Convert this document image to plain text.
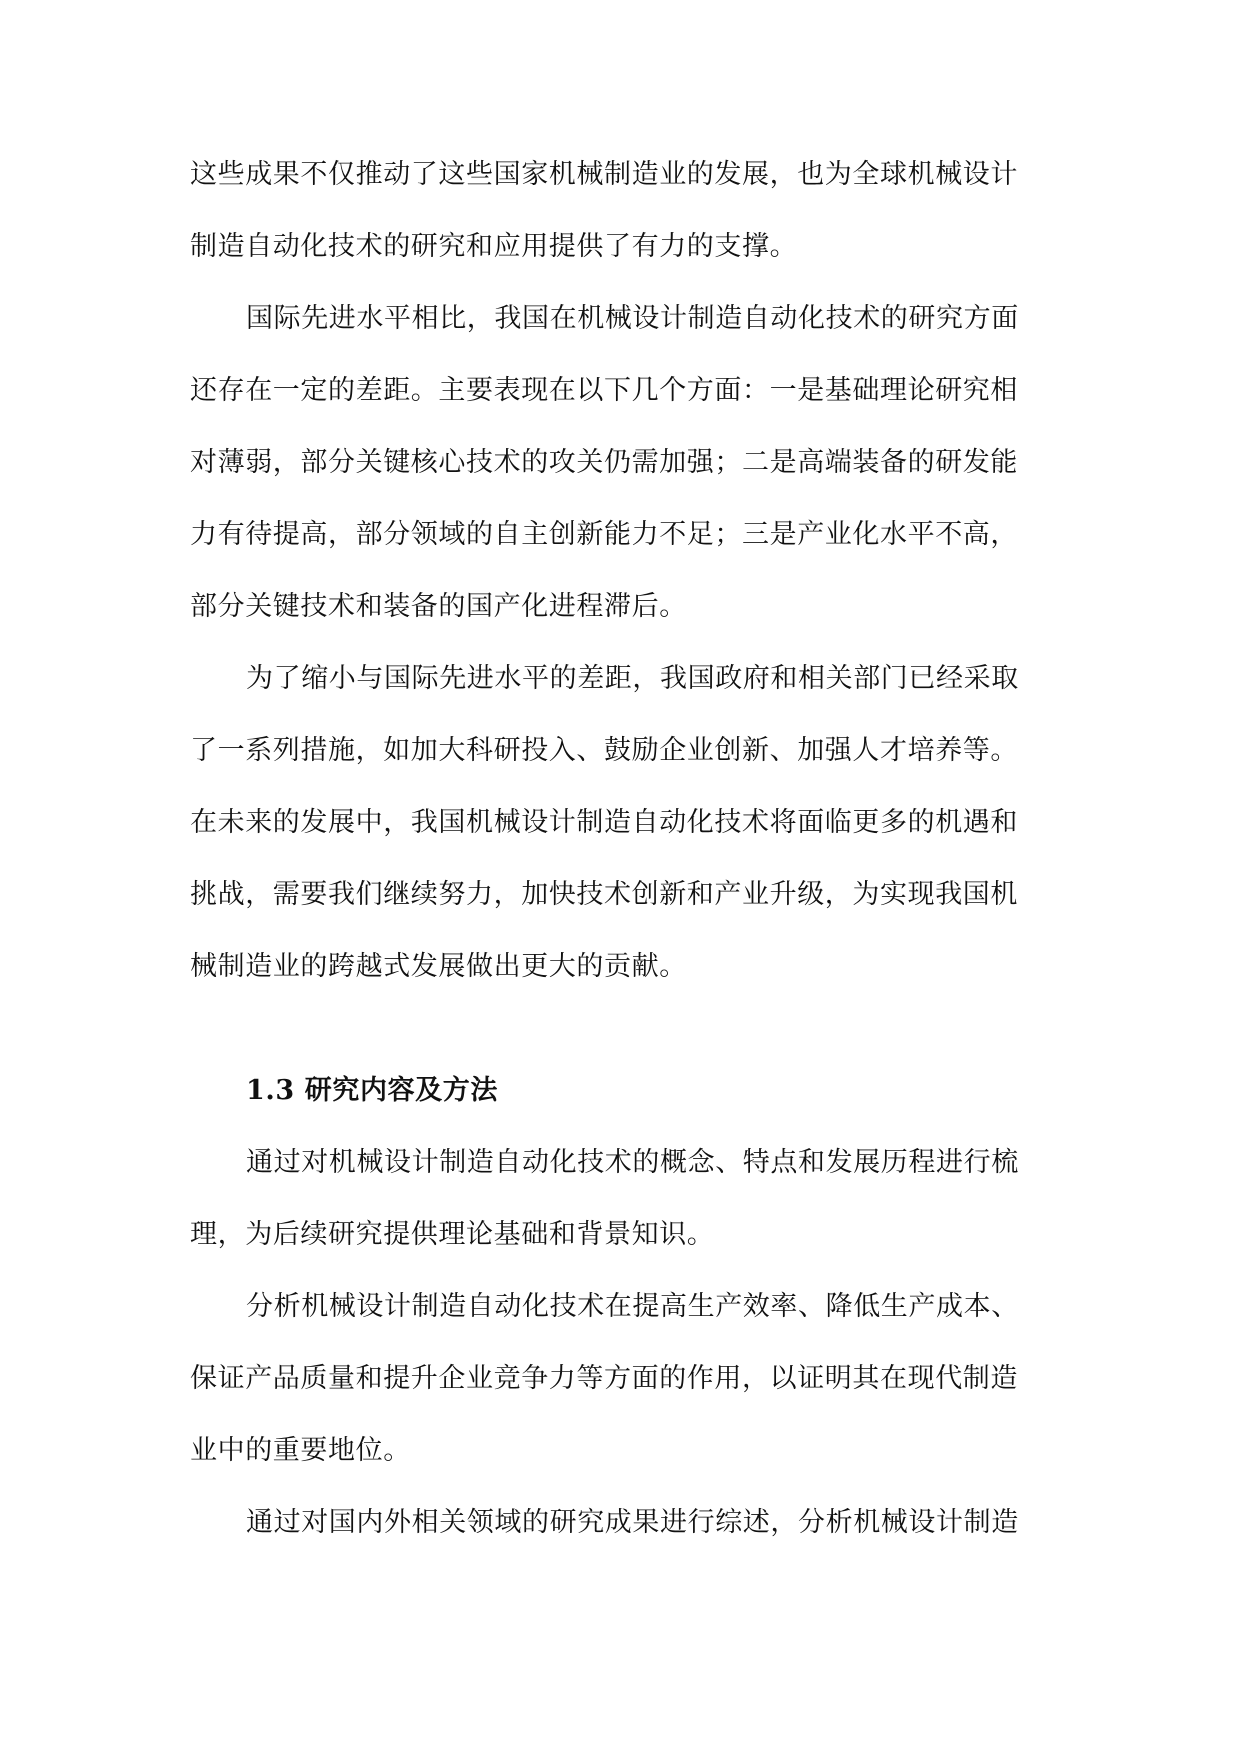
这些成果不仅推动了这些国家机械制造业的发展，也为全球机械设计
制造自动化技术的研究和应用提供了有力的支撑。
国际先进水平相比，我国在机械设计制造自动化技术的研究方面
还存在一定的差距。主要表现在以下几个方面：一是基础理论研究相
对薄弱，部分关键核心技术的攻关仍需加强；二是高端装备的研发能
力有待提高，部分领域的自主创新能力不足；三是产业化水平不高，
部分关键技术和装备的国产化进程滞后。
为了缩小与国际先进水平的差距，我国政府和相关部门已经采取
了一系列措施，如加大科研投入、鼓励企业创新、加强人才培养等。
在未来的发展中，我国机械设计制造自动化技术将面临更多的机遇和
挑战，需要我们继续努力，加快技术创新和产业升级，为实现我国机
械制造业的跨越式发展做出更大的贡献。
1.3 研究内容及方法
通过对机械设计制造自动化技术的概念、特点和发展历程进行梳
理，为后续研究提供理论基础和背景知识。
分析机械设计制造自动化技术在提高生产效率、降低生产成本、
保证产品质量和提升企业竞争力等方面的作用，以证明其在现代制造
业中的重要地位。
通过对国内外相关领域的研究成果进行综述，分析机械设计制造
